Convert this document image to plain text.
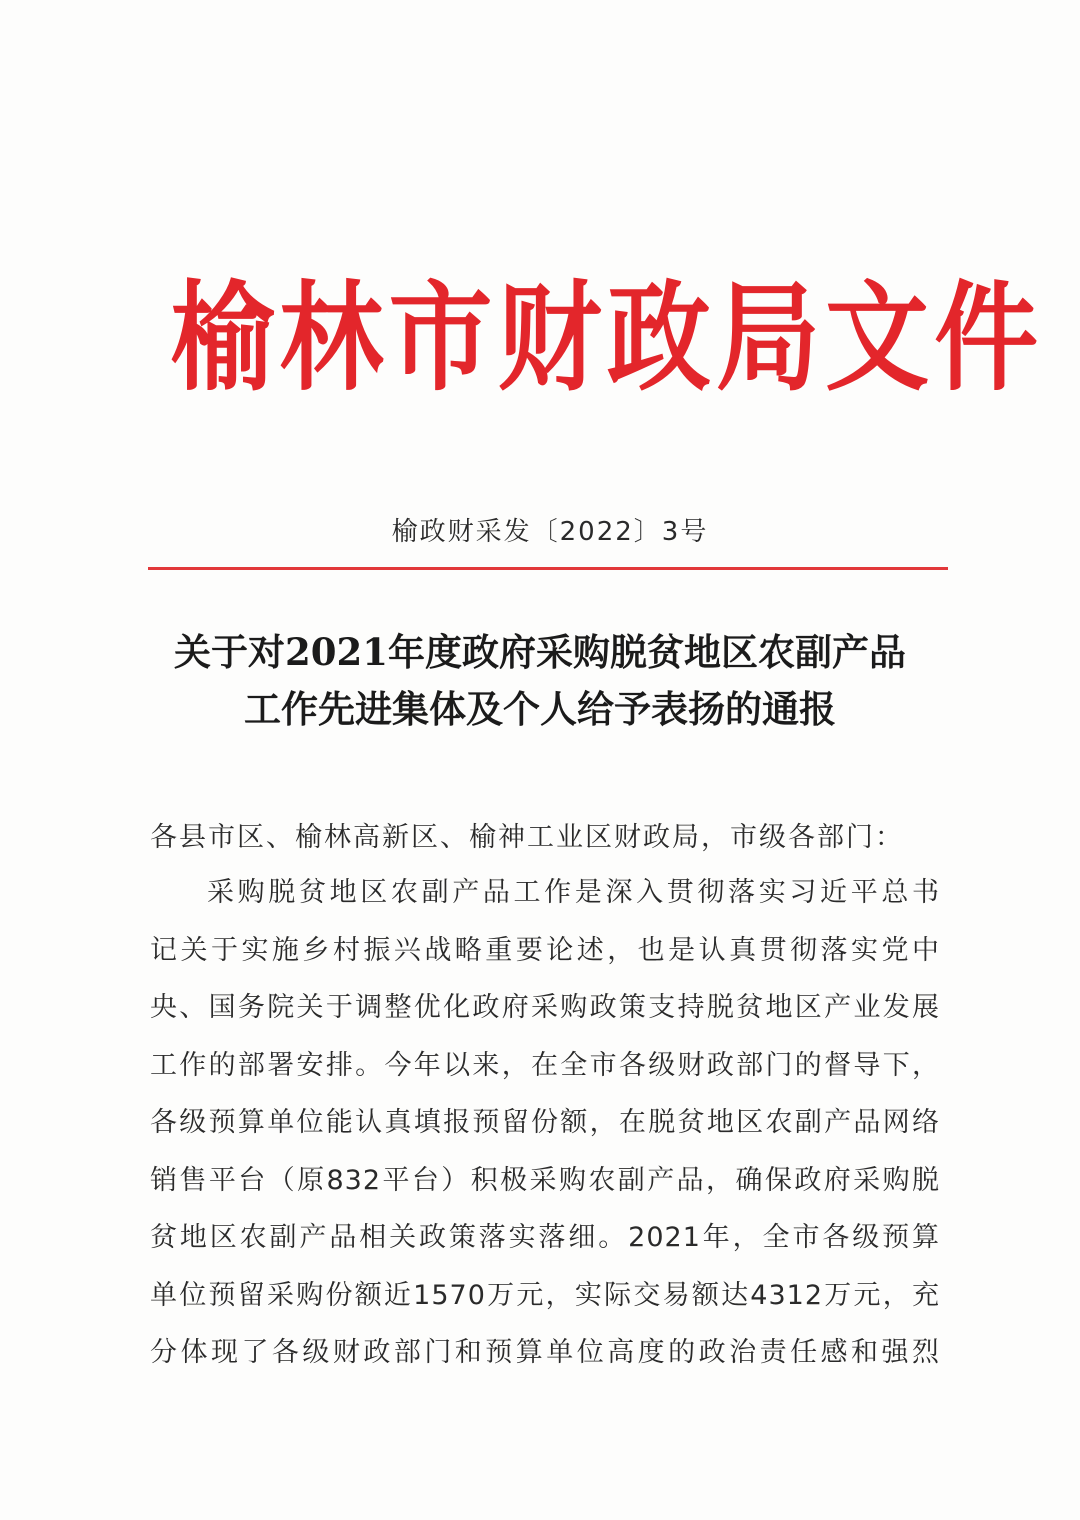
榆林市财政局文件
榆政财采发〔2022〕3号
关于对2021年度政府采购脱贫地区农副产品
工作先进集体及个人给予表扬的通报
各县市区、榆林高新区、榆神工业区财政局，市级各部门：
采购脱贫地区农副产品工作是深入贯彻落实习近平总书
记关于实施乡村振兴战略重要论述，也是认真贯彻落实党中
央、国务院关于调整优化政府采购政策支持脱贫地区产业发展
工作的部署安排。今年以来，在全市各级财政部门的督导下，
各级预算单位能认真填报预留份额，在脱贫地区农副产品网络
销售平台（原832平台）积极采购农副产品，确保政府采购脱
贫地区农副产品相关政策落实落细。2021年，全市各级预算
单位预留采购份额近1570万元，实际交易额达4312万元，充
分体现了各级财政部门和预算单位高度的政治责任感和强烈
